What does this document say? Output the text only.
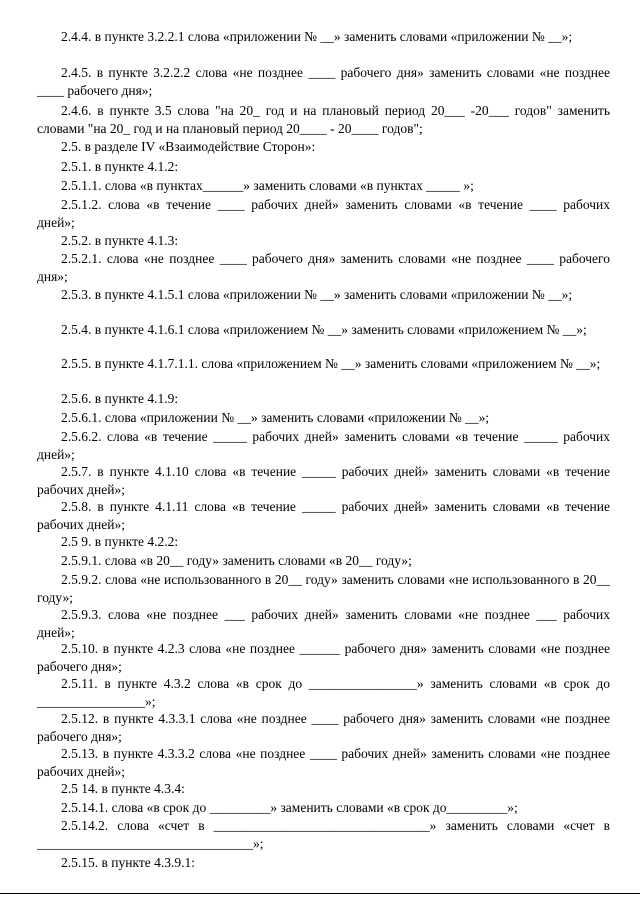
2.4.4. в пункте 3.2.2.1 слова «приложении № __» заменить словами «приложении № __»;
2.4.5. в пункте 3.2.2.2 слова «не позднее ____ рабочего дня» заменить словами «не позднее ____ рабочего дня»;
2.4.6. в пункте 3.5 слова "на 20_ год и на плановый период 20___ -20___ годов" заменить словами "на 20_ год и на плановый период 20____ - 20____ годов";
2.5. в разделе IV «Взаимодействие Сторон»:
2.5.1. в пункте 4.1.2:
2.5.1.1. слова «в пунктах______» заменить словами «в пунктах _____ »;
2.5.1.2. слова «в течение ____ рабочих дней» заменить словами «в течение ____ рабочих дней»;
2.5.2. в пункте 4.1.3:
2.5.2.1. слова «не позднее ____ рабочего дня» заменить словами «не позднее ____ рабочего дня»;
2.5.3. в пункте 4.1.5.1 слова «приложении № __» заменить словами «приложении № __»;
2.5.4. в пункте 4.1.6.1 слова «приложением № __» заменить словами «приложением № __»;
2.5.5. в пункте 4.1.7.1.1. слова «приложением № __» заменить словами «приложением № __»;
2.5.6. в пункте 4.1.9:
2.5.6.1. слова «приложении № __» заменить словами «приложении № __»;
2.5.6.2. слова «в течение _____ рабочих дней» заменить словами «в течение _____ рабочих дней»;
2.5.7. в пункте 4.1.10 слова «в течение _____ рабочих дней» заменить словами «в течение рабочих дней»;
2.5.8. в пункте 4.1.11 слова «в течение _____ рабочих дней» заменить словами «в течение рабочих дней»;
2.5 9. в пункте 4.2.2:
2.5.9.1. слова «в 20__ году» заменить словами «в 20__ году»;
2.5.9.2. слова «не использованного в 20__ году» заменить словами «не использованного в 20__ году»;
2.5.9.3. слова «не позднее ___ рабочих дней» заменить словами «не позднее ___ рабочих дней»;
2.5.10. в пункте 4.2.3 слова «не позднее ______ рабочего дня» заменить словами «не позднее рабочего дня»;
2.5.11. в пункте 4.3.2 слова «в срок до ________________» заменить словами «в срок до ________________»;
2.5.12. в пункте 4.3.3.1 слова «не позднее ____ рабочего дня» заменить словами «не позднее рабочего дня»;
2.5.13. в пункте 4.3.3.2 слова «не позднее ____ рабочих дней» заменить словами «не позднее рабочих дней»;
2.5 14. в пункте 4.3.4:
2.5.14.1. слова «в срок до _________» заменить словами «в срок до_________»;
2.5.14.2. слова «счет в ________________________________» заменить словами «счет в ________________________________»;
2.5.15. в пункте 4.3.9.1:
